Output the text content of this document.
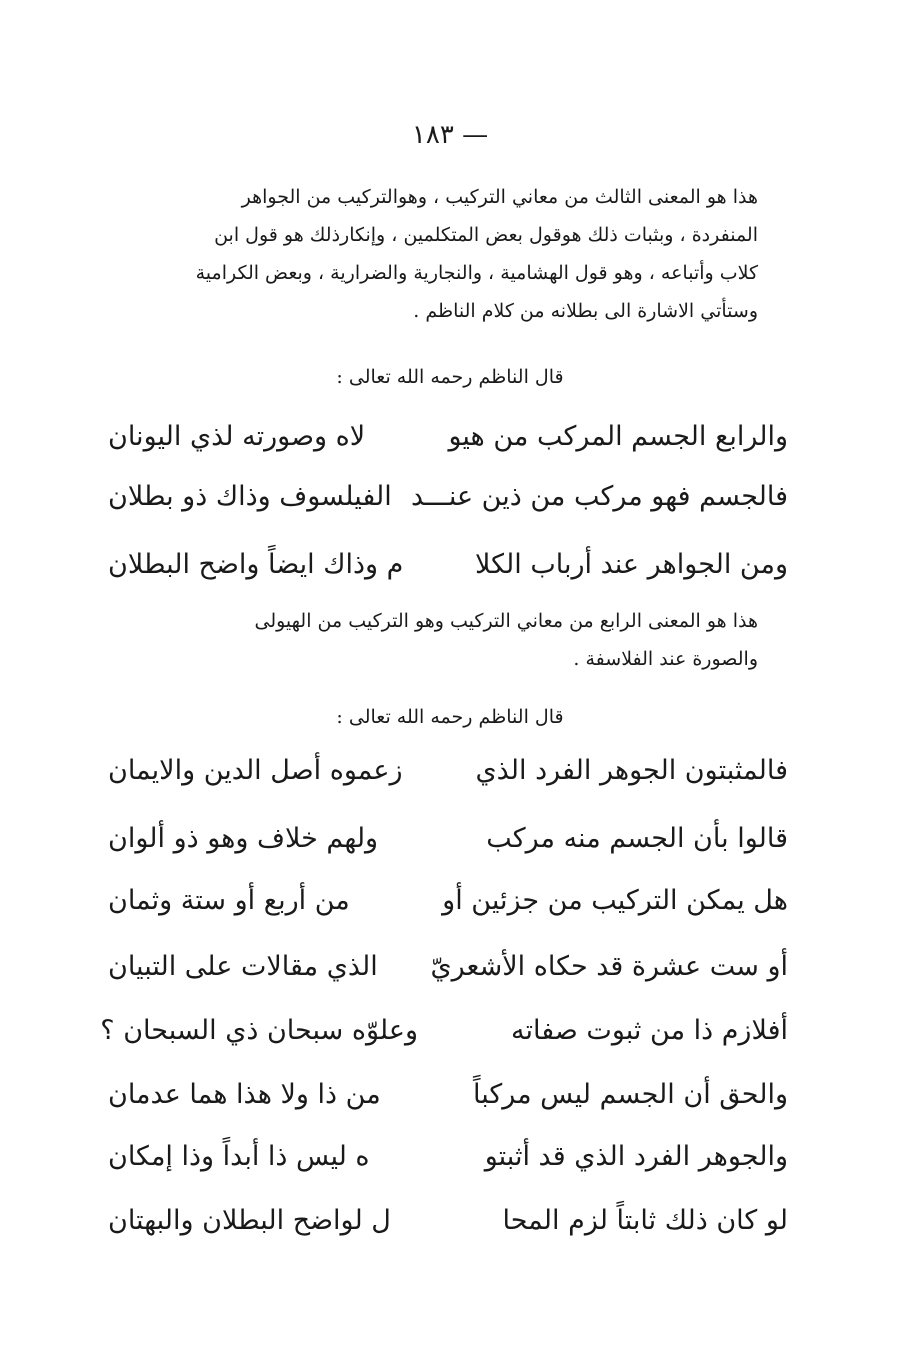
— ١٨٣

هذا هو المعنى الثالث من معاني التركيب ، وهوالتركيب من الجواهر

المنفردة ، وبثبات ذلك هوقول بعض المتكلمين ، وإنكارذلك هو قول ابن

كلاب وأتباعه ، وهو قول الهشامية ، والنجارية والضرارية ، وبعض الكرامية

وستأتي الاشارة الى بطلانه من كلام الناظم .

قال الناظم رحمه الله تعالى :
والرابع الجسم المركب من هيو
لاه وصورته لذي اليونان
فالجسم فهو مركب من ذين عنـــد
الفيلسوف وذاك ذو بطلان
ومن الجواهر عند أرباب الكلا
م وذاك ايضاً واضح البطلان

هذا هو المعنى الرابع من معاني التركيب وهو التركيب من الهيولى

والصورة عند الفلاسفة .

قال الناظم رحمه الله تعالى :
فالمثبتون الجوهر الفرد الذي
زعموه أصل الدين والايمان
قالوا بأن الجسم منه مركب
ولهم خلاف وهو ذو ألوان
هل يمكن التركيب من جزئين أو
من أربع أو ستة وثمان
أو ست عشرة قد حكاه الأشعريّ
الذي مقالات على التبيان
أفلازم ذا من ثبوت صفاته
وعلوّه سبحان ذي السبحان ؟
والحق أن الجسم ليس مركباً
من ذا ولا هذا هما عدمان
والجوهر الفرد الذي قد أثبتو
ه ليس ذا أبداً وذا إمكان
لو كان ذلك ثابتاً لزم المحا
ل لواضح البطلان والبهتان
